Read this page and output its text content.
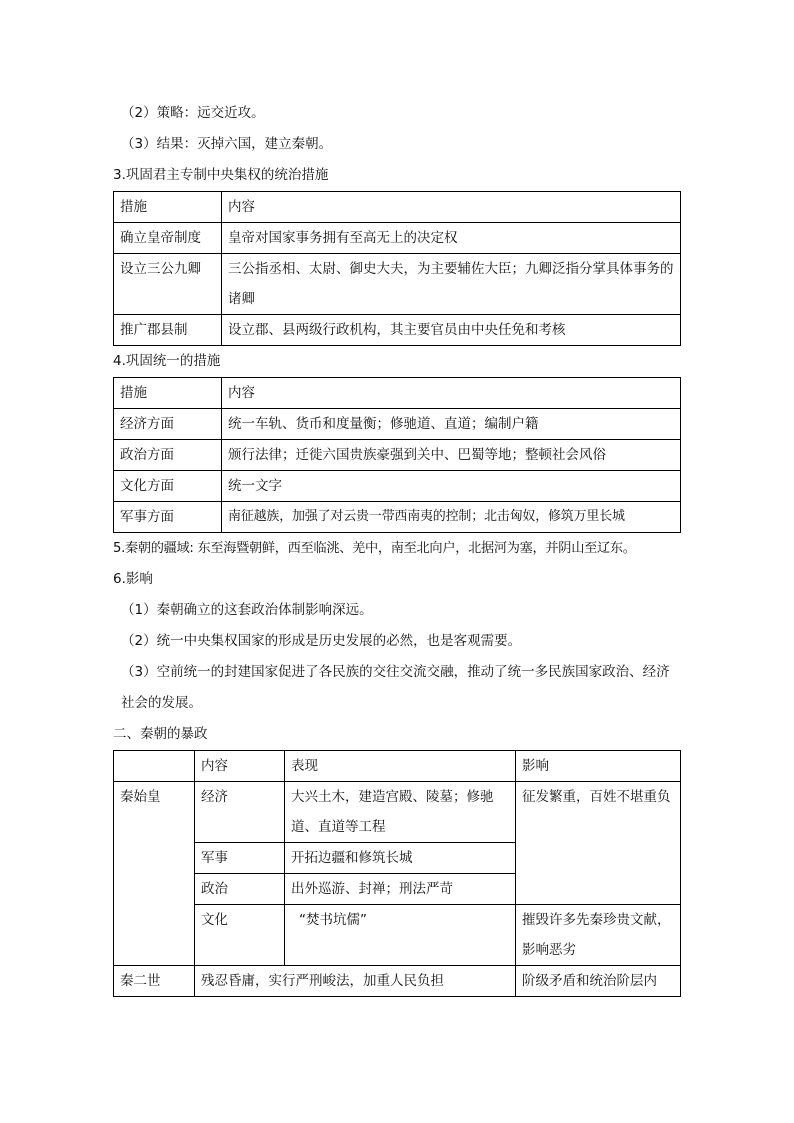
（2）策略：远交近攻。

（3）结果：灭掉六国，建立秦朝。

3.巩固君主专制中央集权的统治措施

措施	内容
确立皇帝制度	皇帝对国家事务拥有至高无上的决定权
设立三公九卿	三公指丞相、太尉、御史大夫，为主要辅佐大臣；九卿泛指分掌具体事务的诸卿
推广郡县制	设立郡、县两级行政机构，其主要官员由中央任免和考核

4.巩固统一的措施

措施	内容
经济方面	统一车轨、货币和度量衡；修驰道、直道；编制户籍
政治方面	颁行法律；迁徙六国贵族豪强到关中、巴蜀等地；整顿社会风俗
文化方面	统一文字
军事方面	南征越族，加强了对云贵一带西南夷的控制；北击匈奴，修筑万里长城

5.秦朝的疆域: 东至海暨朝鲜，西至临洮、羌中，南至北向户，北据河为塞，并阴山至辽东。

6.影响

（1）秦朝确立的这套政治体制影响深远。

（2）统一中央集权国家的形成是历史发展的必然，也是客观需要。

（3）空前统一的封建国家促进了各民族的交往交流交融，推动了统一多民族国家政治、经济社会的发展。

二、秦朝的暴政

	内容	表现	影响
秦始皇	经济	大兴土木，建造宫殿、陵墓；修驰道、直道等工程	征发繁重，百姓不堪重负
	军事	开拓边疆和修筑长城	
	政治	出外巡游、封禅；刑法严苛	
	文化	“焚书坑儒”	摧毁许多先秦珍贵文献，影响恶劣
秦二世	残忍昏庸，实行严刑峻法，加重人民负担		阶级矛盾和统治阶层内
